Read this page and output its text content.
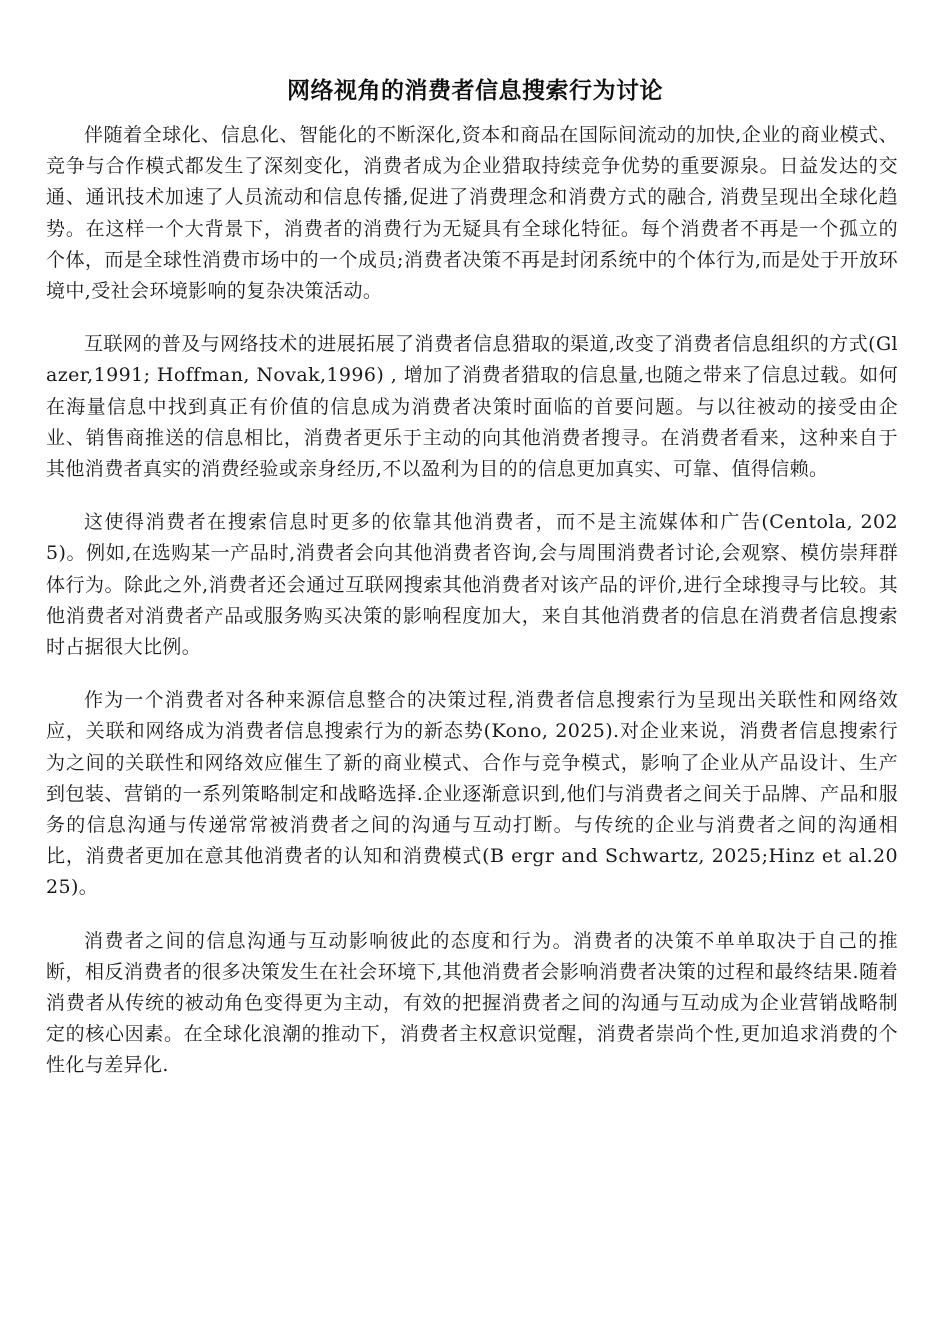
网络视角的消费者信息搜索行为讨论

伴随着全球化、信息化、智能化的不断深化,资本和商品在国际间流动的加快,企业的商业模式、竞争与合作模式都发生了深刻变化，消费者成为企业猎取持续竞争优势的重要源泉。日益发达的交通、通讯技术加速了人员流动和信息传播,促进了消费理念和消费方式的融合, 消费呈现出全球化趋势。在这样一个大背景下，消费者的消费行为无疑具有全球化特征。每个消费者不再是一个孤立的个体，而是全球性消费市场中的一个成员;消费者决策不再是封闭系统中的个体行为,而是处于开放环境中,受社会环境影响的复杂决策活动。

互联网的普及与网络技术的进展拓展了消费者信息猎取的渠道,改变了消费者信息组织的方式(Glazer,1991; Hoffman, Novak,1996) , 增加了消费者猎取的信息量,也随之带来了信息过载。如何在海量信息中找到真正有价值的信息成为消费者决策时面临的首要问题。与以往被动的接受由企业、销售商推送的信息相比，消费者更乐于主动的向其他消费者搜寻。在消费者看来，这种来自于其他消费者真实的消费经验或亲身经历,不以盈利为目的的信息更加真实、可靠、值得信赖。

这使得消费者在搜索信息时更多的依靠其他消费者，而不是主流媒体和广告(Centola, 2025)。例如,在选购某一产品时,消费者会向其他消费者咨询,会与周围消费者讨论,会观察、模仿崇拜群体行为。除此之外,消费者还会通过互联网搜索其他消费者对该产品的评价,进行全球搜寻与比较。其他消费者对消费者产品或服务购买决策的影响程度加大，来自其他消费者的信息在消费者信息搜索时占据很大比例。

作为一个消费者对各种来源信息整合的决策过程,消费者信息搜索行为呈现出关联性和网络效应，关联和网络成为消费者信息搜索行为的新态势(Kono, 2025).对企业来说，消费者信息搜索行为之间的关联性和网络效应催生了新的商业模式、合作与竞争模式，影响了企业从产品设计、生产到包装、营销的一系列策略制定和战略选择.企业逐渐意识到,他们与消费者之间关于品牌、产品和服务的信息沟通与传递常常被消费者之间的沟通与互动打断。与传统的企业与消费者之间的沟通相比，消费者更加在意其他消费者的认知和消费模式(B ergr and Schwartz, 2025;Hinz et al.2025)。

消费者之间的信息沟通与互动影响彼此的态度和行为。消费者的决策不单单取决于自己的推断，相反消费者的很多决策发生在社会环境下,其他消费者会影响消费者决策的过程和最终结果.随着消费者从传统的被动角色变得更为主动，有效的把握消费者之间的沟通与互动成为企业营销战略制定的核心因素。在全球化浪潮的推动下，消费者主权意识觉醒，消费者崇尚个性,更加追求消费的个性化与差异化.
